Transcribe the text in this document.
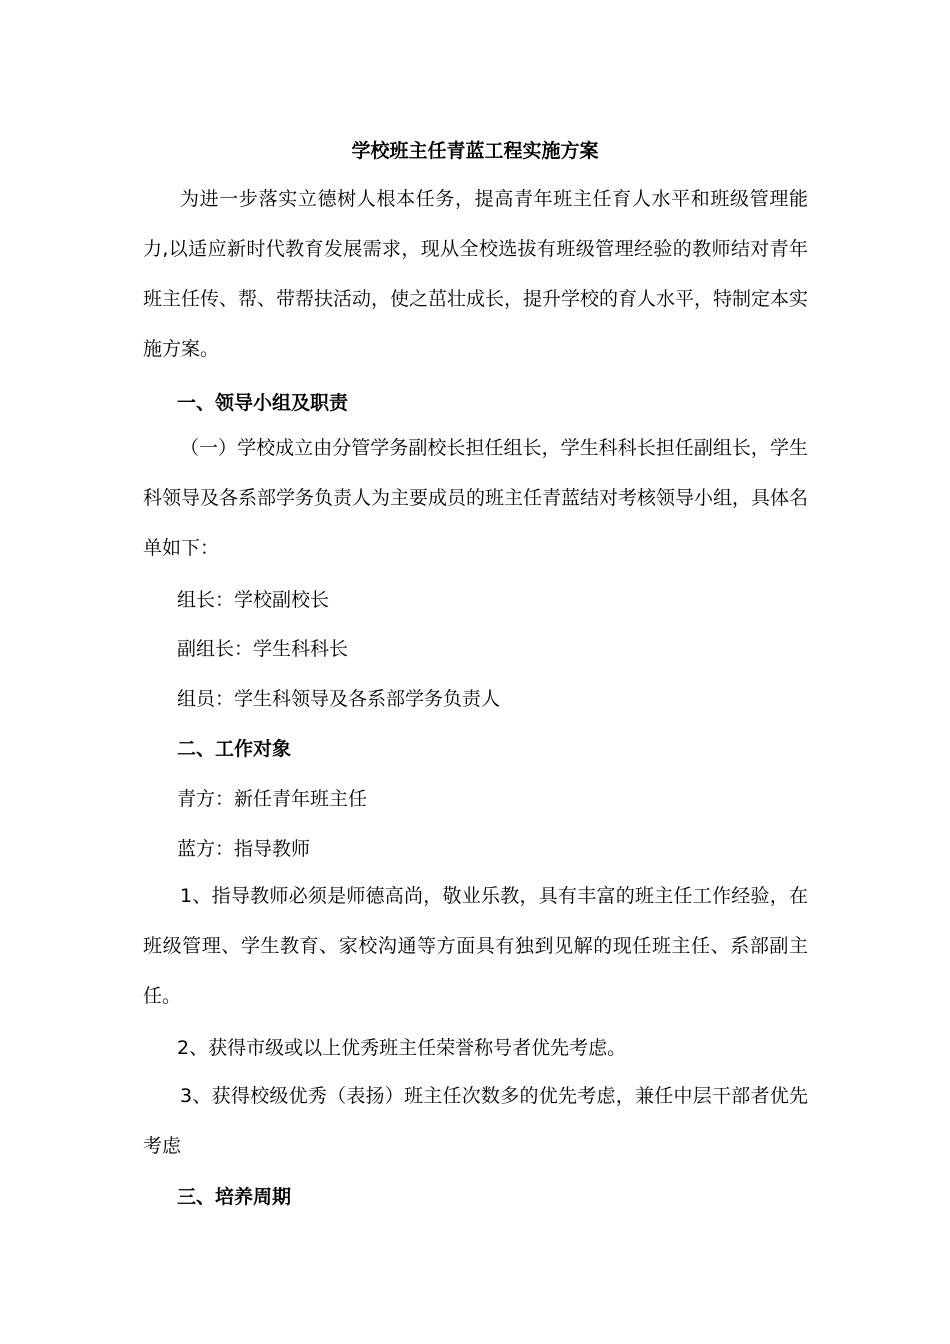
学校班主任青蓝工程实施方案

为进一步落实立德树人根本任务，提高青年班主任育人水平和班级管理能力,以适应新时代教育发展需求，现从全校选拔有班级管理经验的教师结对青年班主任传、帮、带帮扶活动，使之茁壮成长，提升学校的育人水平，特制定本实施方案。

一、领导小组及职责

（一）学校成立由分管学务副校长担任组长，学生科科长担任副组长，学生科领导及各系部学务负责人为主要成员的班主任青蓝结对考核领导小组，具体名单如下：

组长：学校副校长

副组长：学生科科长

组员：学生科领导及各系部学务负责人

二、工作对象

青方：新任青年班主任

蓝方：指导教师

1、指导教师必须是师德高尚，敬业乐教，具有丰富的班主任工作经验，在班级管理、学生教育、家校沟通等方面具有独到见解的现任班主任、系部副主任。

2、获得市级或以上优秀班主任荣誉称号者优先考虑。

3、获得校级优秀（表扬）班主任次数多的优先考虑，兼任中层干部者优先考虑

三、培养周期
